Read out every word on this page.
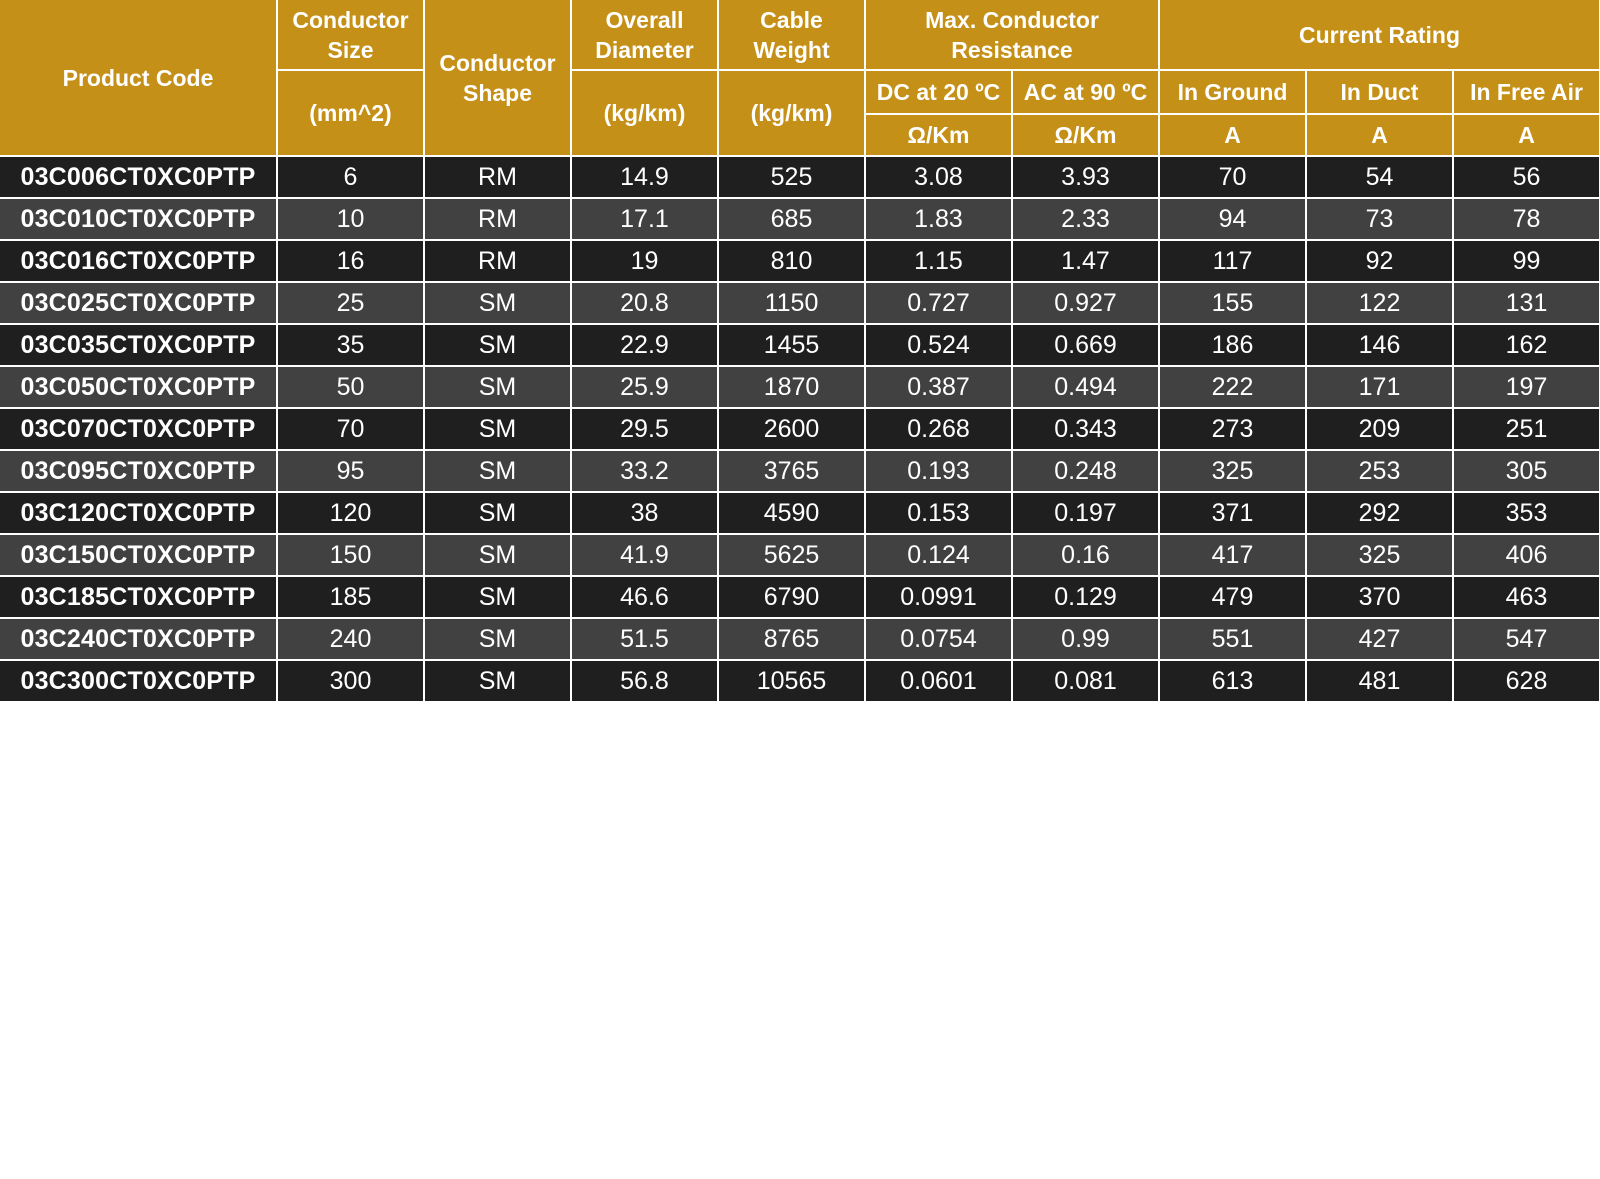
Product Code	Conductor Size	Conductor Shape	Overall Diameter	Cable Weight	Max. Conductor Resistance		Current Rating		
	(mm^2)		(kg/km)	(kg/km)	DC at 20 ºC	AC at 90 ºC	In Ground	In Duct	In Free Air
					Ω/Km	Ω/Km	A	A	A
03C006CT0XC0PTP	6	RM	14.9	525	3.08	3.93	70	54	56
03C010CT0XC0PTP	10	RM	17.1	685	1.83	2.33	94	73	78
03C016CT0XC0PTP	16	RM	19	810	1.15	1.47	117	92	99
03C025CT0XC0PTP	25	SM	20.8	1150	0.727	0.927	155	122	131
03C035CT0XC0PTP	35	SM	22.9	1455	0.524	0.669	186	146	162
03C050CT0XC0PTP	50	SM	25.9	1870	0.387	0.494	222	171	197
03C070CT0XC0PTP	70	SM	29.5	2600	0.268	0.343	273	209	251
03C095CT0XC0PTP	95	SM	33.2	3765	0.193	0.248	325	253	305
03C120CT0XC0PTP	120	SM	38	4590	0.153	0.197	371	292	353
03C150CT0XC0PTP	150	SM	41.9	5625	0.124	0.16	417	325	406
03C185CT0XC0PTP	185	SM	46.6	6790	0.0991	0.129	479	370	463
03C240CT0XC0PTP	240	SM	51.5	8765	0.0754	0.99	551	427	547
03C300CT0XC0PTP	300	SM	56.8	10565	0.0601	0.081	613	481	628
